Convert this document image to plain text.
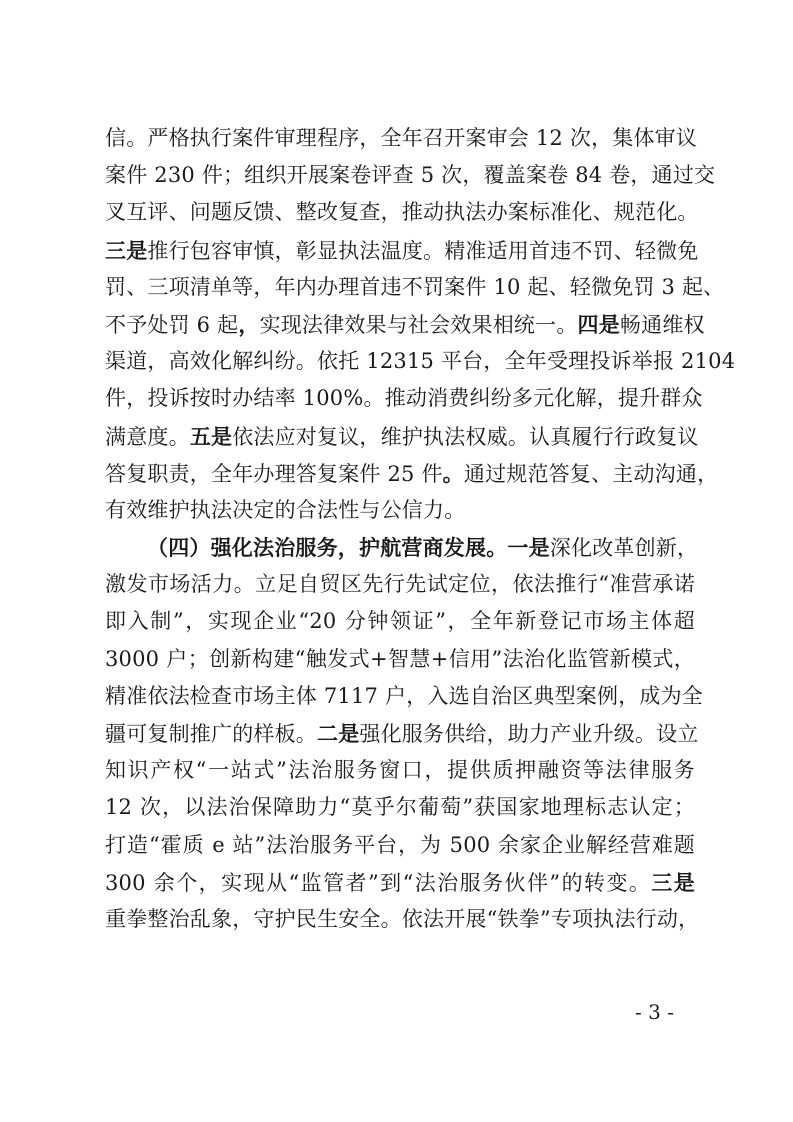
信。严格执行案件审理程序，全年召开案审会 12 次，集体审议
案件 230 件；组织开展案卷评查 5 次，覆盖案卷 84 卷，通过交
叉互评、问题反馈、整改复查，推动执法办案标准化、规范化。
三是推行包容审慎，彰显执法温度。精准适用首违不罚、轻微免
罚、三项清单等，年内办理首违不罚案件 10 起、轻微免罚 3 起、
不予处罚 6 起，实现法律效果与社会效果相统一。四是畅通维权
渠道，高效化解纠纷。依托 12315 平台，全年受理投诉举报 2104
件，投诉按时办结率 100%。推动消费纠纷多元化解，提升群众
满意度。五是依法应对复议，维护执法权威。认真履行行政复议
答复职责，全年办理答复案件 25 件。通过规范答复、主动沟通，
有效维护执法决定的合法性与公信力。
（四）强化法治服务，护航营商发展。一是深化改革创新，
激发市场活力。立足自贸区先行先试定位，依法推行“准营承诺
即入制”，实现企业“20 分钟领证”，全年新登记市场主体超
3000 户；创新构建“触发式+智慧+信用”法治化监管新模式，
精准依法检查市场主体 7117 户，入选自治区典型案例，成为全
疆可复制推广的样板。二是强化服务供给，助力产业升级。设立
知识产权“一站式”法治服务窗口，提供质押融资等法律服务
12 次，以法治保障助力“莫乎尔葡萄”获国家地理标志认定；
打造“霍质 e 站”法治服务平台，为 500 余家企业解经营难题
300 余个，实现从“监管者”到“法治服务伙伴”的转变。三是
重拳整治乱象，守护民生安全。依法开展“铁拳”专项执法行动，
- 3 -
